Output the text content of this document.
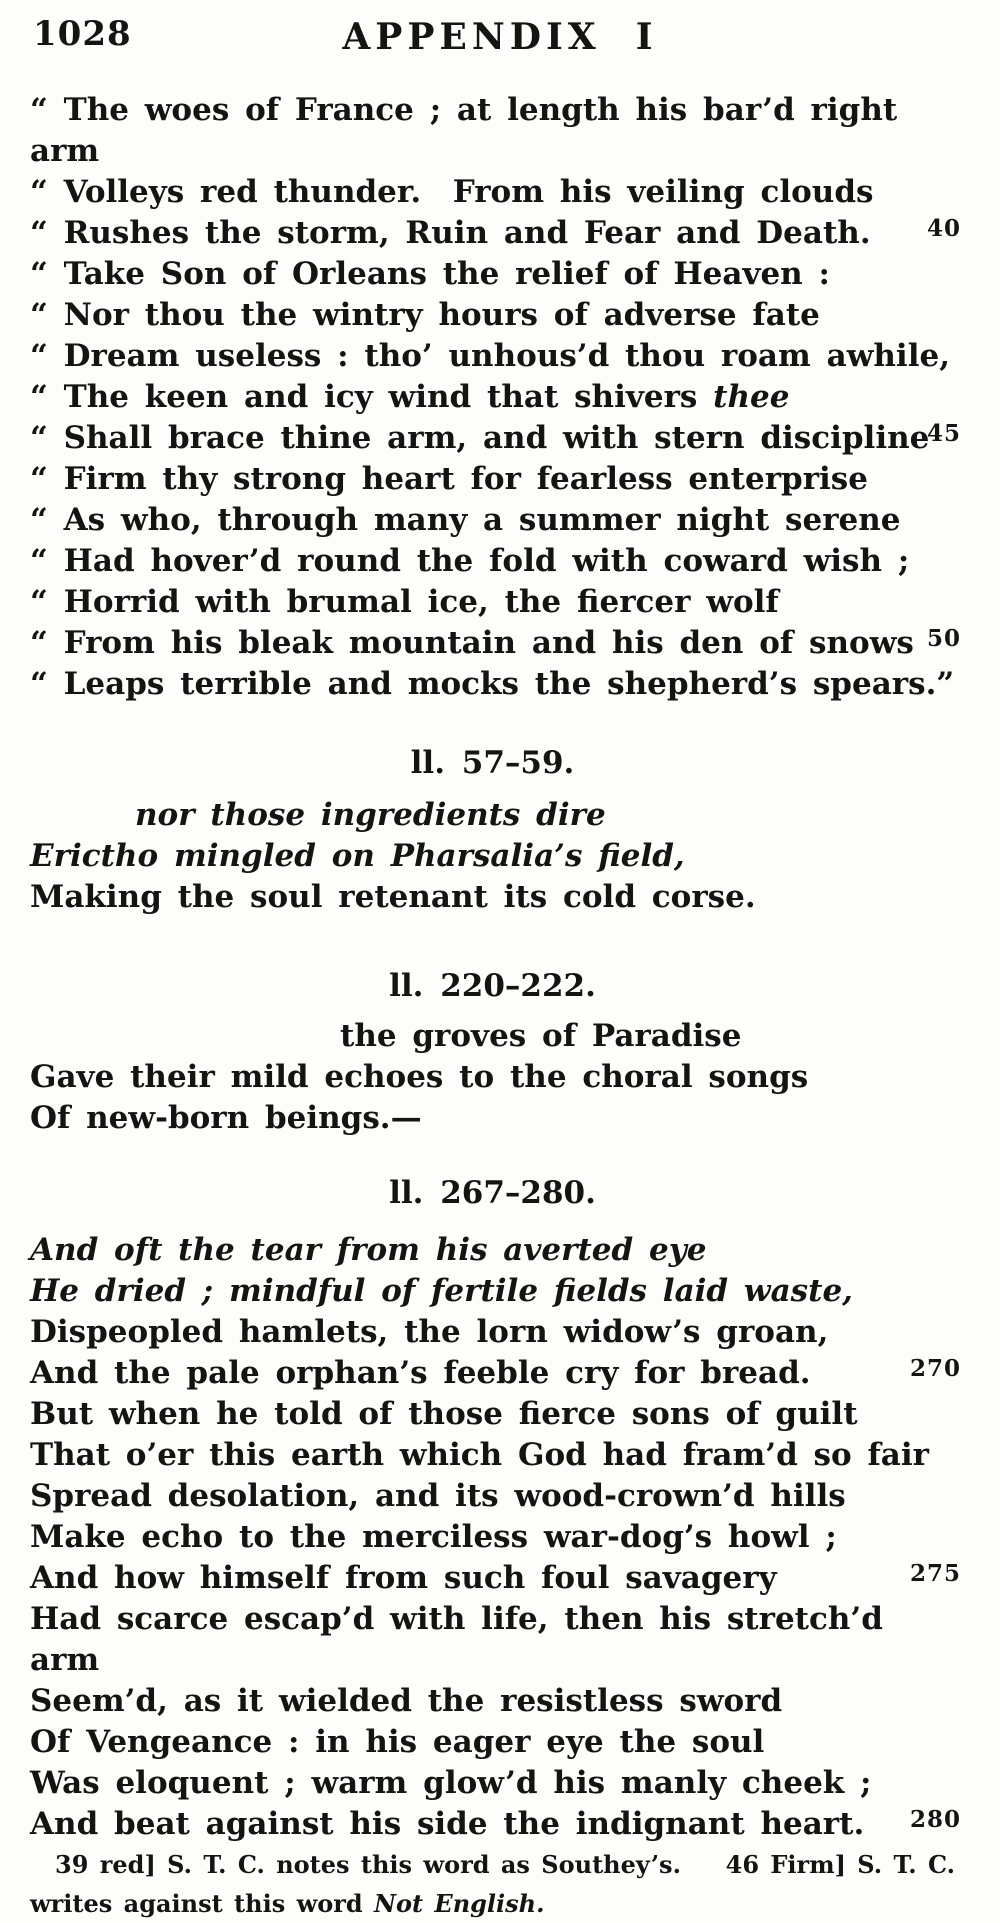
1028	APPENDIX  I
“ The woes of France ; at length his bar’d right arm
“ Volleys red thunder.  From his veiling clouds
“ Rushes the storm, Ruin and Fear and Death. 40
“ Take Son of Orleans the relief of Heaven :
“ Nor thou the wintry hours of adverse fate
“ Dream useless : tho’ unhous’d thou roam awhile,
“ The keen and icy wind that shivers thee
“ Shall brace thine arm, and with stern discipline
45
“ Firm thy strong heart for fearless enterprise
“ As who, through many a summer night serene
“ Had hover’d round the fold with coward wish ;
“ Horrid with brumal ice, the fiercer wolf
“ From his bleak mountain and his den of snows 50
“ Leaps terrible and mocks the shepherd’s spears.”
ll. 57–59.
nor those ingredients dire
Erictho mingled on Pharsalia’s field,
Making the soul retenant its cold corse.
ll. 220–222.
the groves of Paradise
Gave their mild echoes to the choral songs
Of new-born beings.—
ll. 267–280.
And oft the tear from his averted eye
He dried ; mindful of fertile fields laid waste,
Dispeopled hamlets, the lorn widow’s groan,
And the pale orphan’s feeble cry for bread.	270
But when he told of those fierce sons of guilt
That o’er this earth which God had fram’d so fair
Spread desolation, and its wood-crown’d hills
Make echo to the merciless war-dog’s howl ;
And how himself from such foul savagery	275
Had scarce escap’d with life, then his stretch’d arm
Seem’d, as it wielded the resistless sword
Of Vengeance : in his eager eye the soul
Was eloquent ; warm glow’d his manly cheek ;
And beat against his side the indignant heart. 280
39 red] S. T. C. notes this word as Southey’s. 46 Firm] S. T. C.
writes against this word Not English.
